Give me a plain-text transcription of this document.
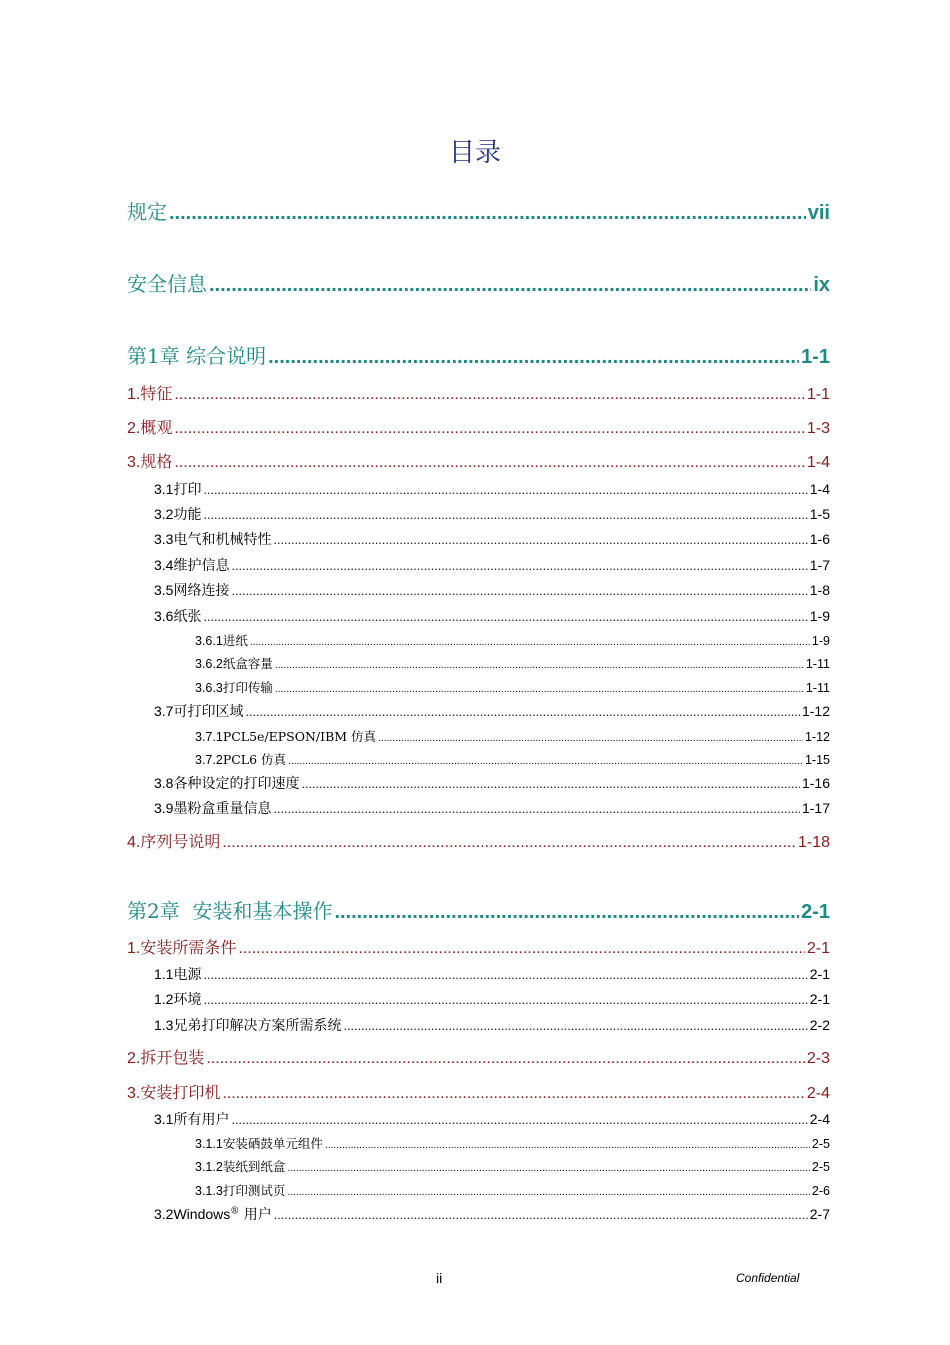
目录
规定 .....	vii
安全信息 .....	ix
第1章 综合说明 .....	1-1
1. 特征 .....	1-1
2. 概观 .....	1-3
3. 规格 .....	1-4
3.1 打印 .....	1-4
3.2 功能 .....	1-5
3.3 电气和机械特性 .....	1-6
3.4 维护信息 .....	1-7
3.5 网络连接 .....	1-8
3.6 纸张 .....	1-9
3.6.1 进纸 .....	1-9
3.6.2 纸盒容量 .....	1-11
3.6.3 打印传输 .....	1-11
3.7 可打印区域 .....	1-12
3.7.1 PCL5e/EPSON/IBM 仿真 .....	1-12
3.7.2 PCL6 仿真 .....	1-15
3.8 各种设定的打印速度 .....	1-16
3.9 墨粉盒重量信息 .....	1-17
4. 序列号说明 .....	1-18
第2章  安装和基本操作 .....	2-1
1. 安装所需条件 .....	2-1
1.1 电源 .....	2-1
1.2 环境 .....	2-1
1.3 兄弟打印解决方案所需系统 .....	2-2
2. 拆开包装 .....	2-3
3. 安装打印机 .....	2-4
3.1 所有用户 .....	2-4
3.1.1 安装硒鼓单元组件 .....	2-5
3.1.2 装纸到纸盒 .....	2-5
3.1.3 打印测试页 .....	2-6
3.2 Windows® 用户 .....	2-7
ii	Confidential
